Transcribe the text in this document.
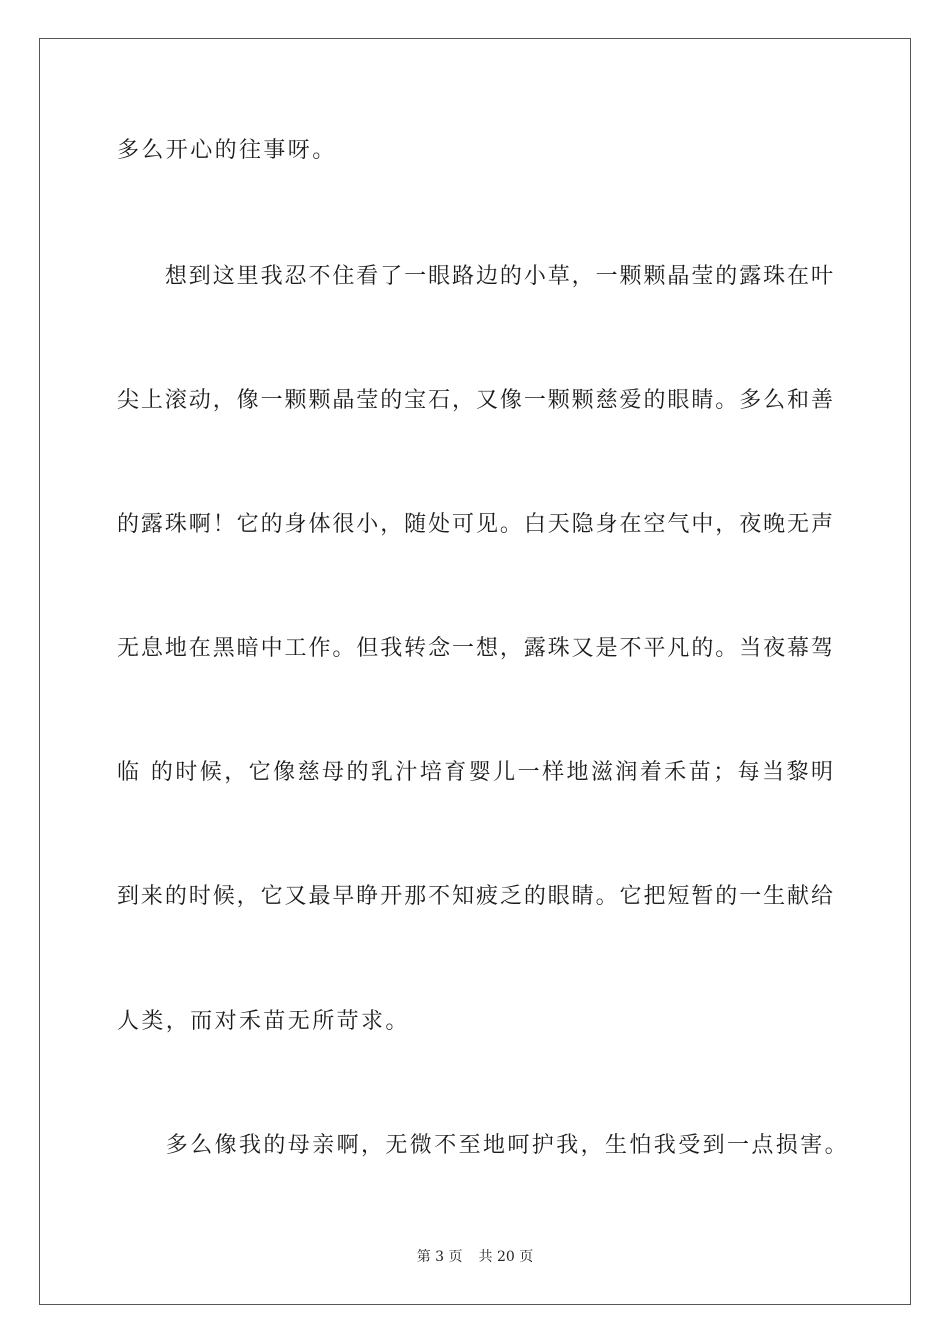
多么开心的往事呀。
　　想到这里我忍不住看了一眼路边的小草，一颗颗晶莹的露珠在叶
尖上滚动，像一颗颗晶莹的宝石，又像一颗颗慈爱的眼睛。多么和善
的露珠啊！它的身体很小，随处可见。白天隐身在空气中，夜晚无声
无息地在黑暗中工作。但我转念一想，露珠又是不平凡的。当夜幕驾
临 的时候，它像慈母的乳汁培育婴儿一样地滋润着禾苗；每当黎明
到来的时候，它又最早睁开那不知疲乏的眼睛。它把短暂的一生献给
人类，而对禾苗无所苛求。
　　多么像我的母亲啊，无微不至地呵护我，生怕我受到一点损害。
第 3 页 共 20 页
